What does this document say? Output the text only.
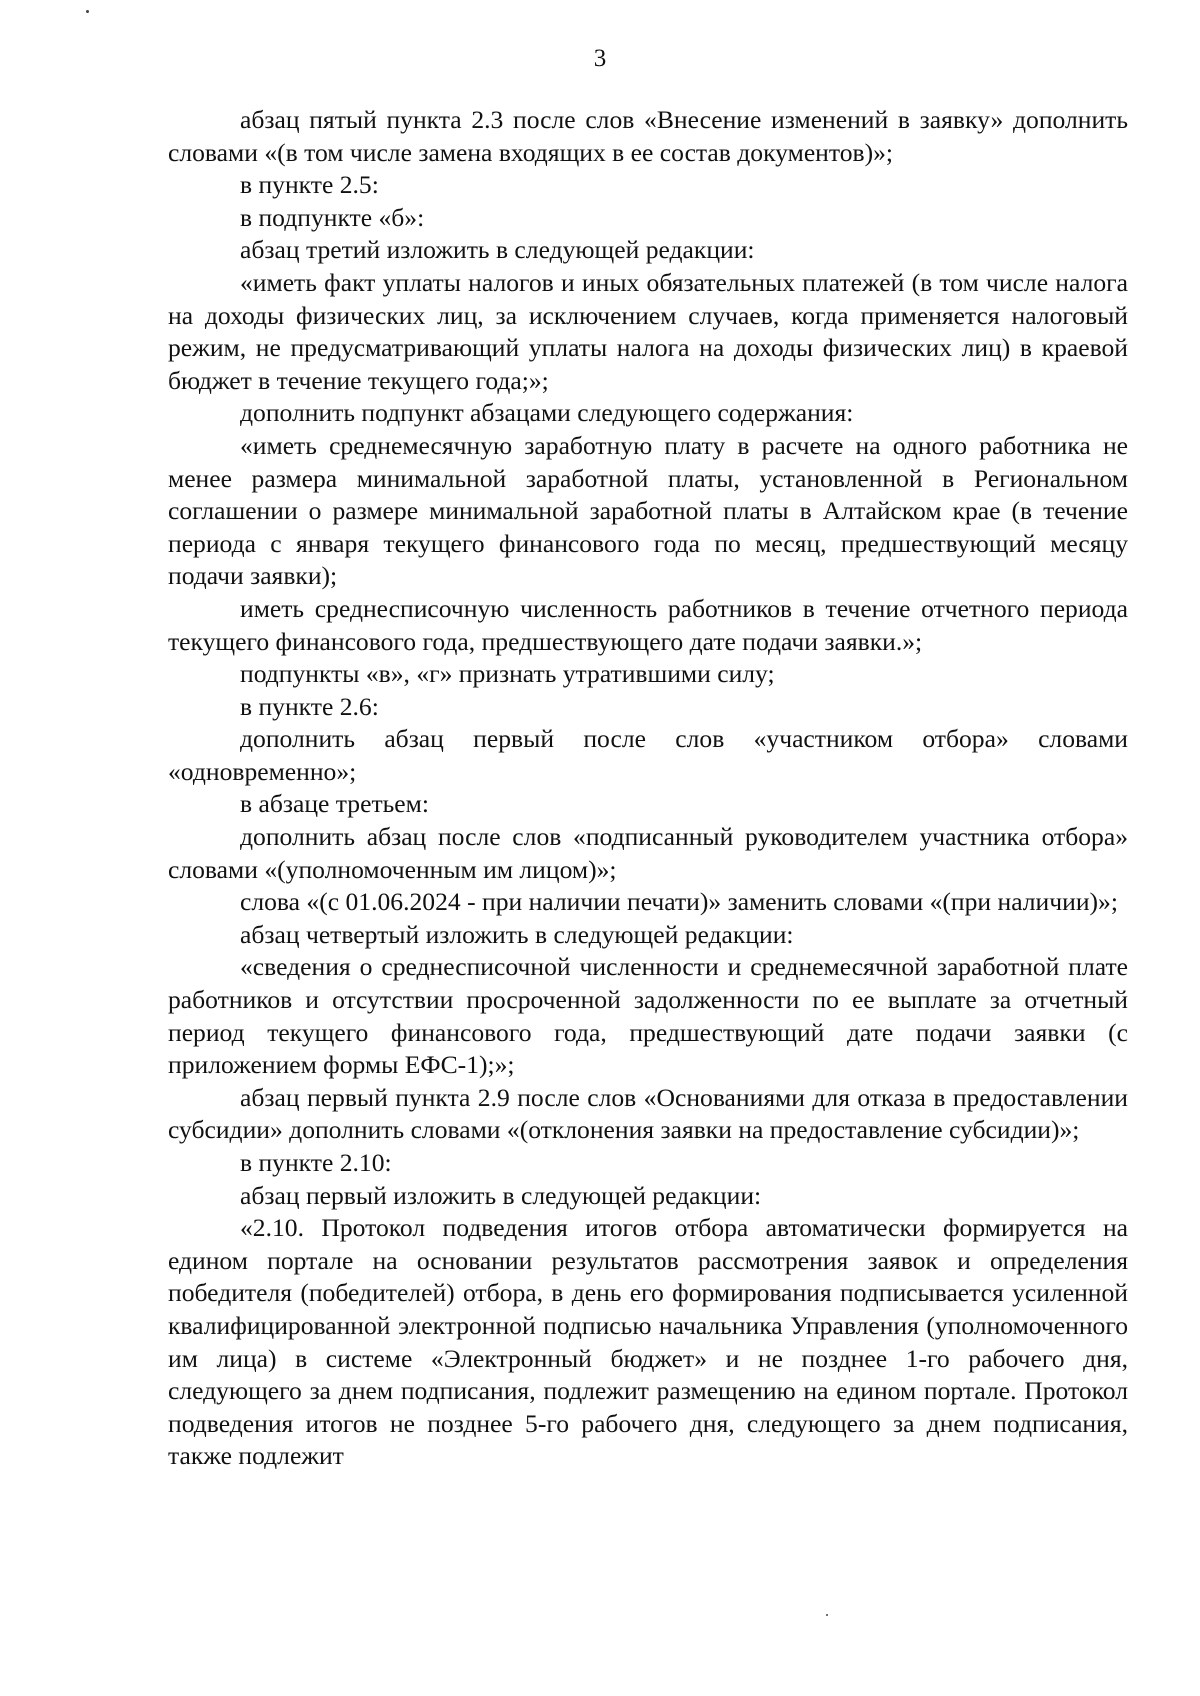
3

абзац пятый пункта 2.3 после слов «Внесение изменений в заявку» дополнить словами «(в том числе замена входящих в ее состав документов)»;

в пункте 2.5:

в подпункте «б»:

абзац третий изложить в следующей редакции:

«иметь факт уплаты налогов и иных обязательных платежей (в том числе налога на доходы физических лиц, за исключением случаев, когда применяется налоговый режим, не предусматривающий уплаты налога на доходы физических лиц) в краевой бюджет в течение текущего года;»;

дополнить подпункт абзацами следующего содержания:

«иметь среднемесячную заработную плату в расчете на одного работника не менее размера минимальной заработной платы, установленной в Региональном соглашении о размере минимальной заработной платы в Алтайском крае (в течение периода с января текущего финансового года по месяц, предшествующий месяцу подачи заявки);

иметь среднесписочную численность работников в течение отчетного периода текущего финансового года, предшествующего дате подачи заявки.»;

подпункты «в», «г» признать утратившими силу;

в пункте 2.6:

дополнить абзац первый после слов «участником отбора» словами «одновременно»;

в абзаце третьем:

дополнить абзац после слов «подписанный руководителем участника отбора» словами «(уполномоченным им лицом)»;

слова «(с 01.06.2024 - при наличии печати)» заменить словами «(при наличии)»;

абзац четвертый изложить в следующей редакции:

«сведения о среднесписочной численности и среднемесячной заработной плате работников и отсутствии просроченной задолженности по ее выплате за отчетный период текущего финансового года, предшествующий дате подачи заявки (с приложением формы ЕФС-1);»;

абзац первый пункта 2.9 после слов «Основаниями для отказа в предоставлении субсидии» дополнить словами «(отклонения заявки на предоставление субсидии)»;

в пункте 2.10:

абзац первый изложить в следующей редакции:

«2.10. Протокол подведения итогов отбора автоматически формируется на едином портале на основании результатов рассмотрения заявок и определения победителя (победителей) отбора, в день его формирования подписывается усиленной квалифицированной электронной подписью начальника Управления (уполномоченного им лица) в системе «Электронный бюджет» и не позднее 1-го рабочего дня, следующего за днем подписания, подлежит размещению на едином портале. Протокол подведения итогов не позднее 5-го рабочего дня, следующего за днем подписания, также подлежит
